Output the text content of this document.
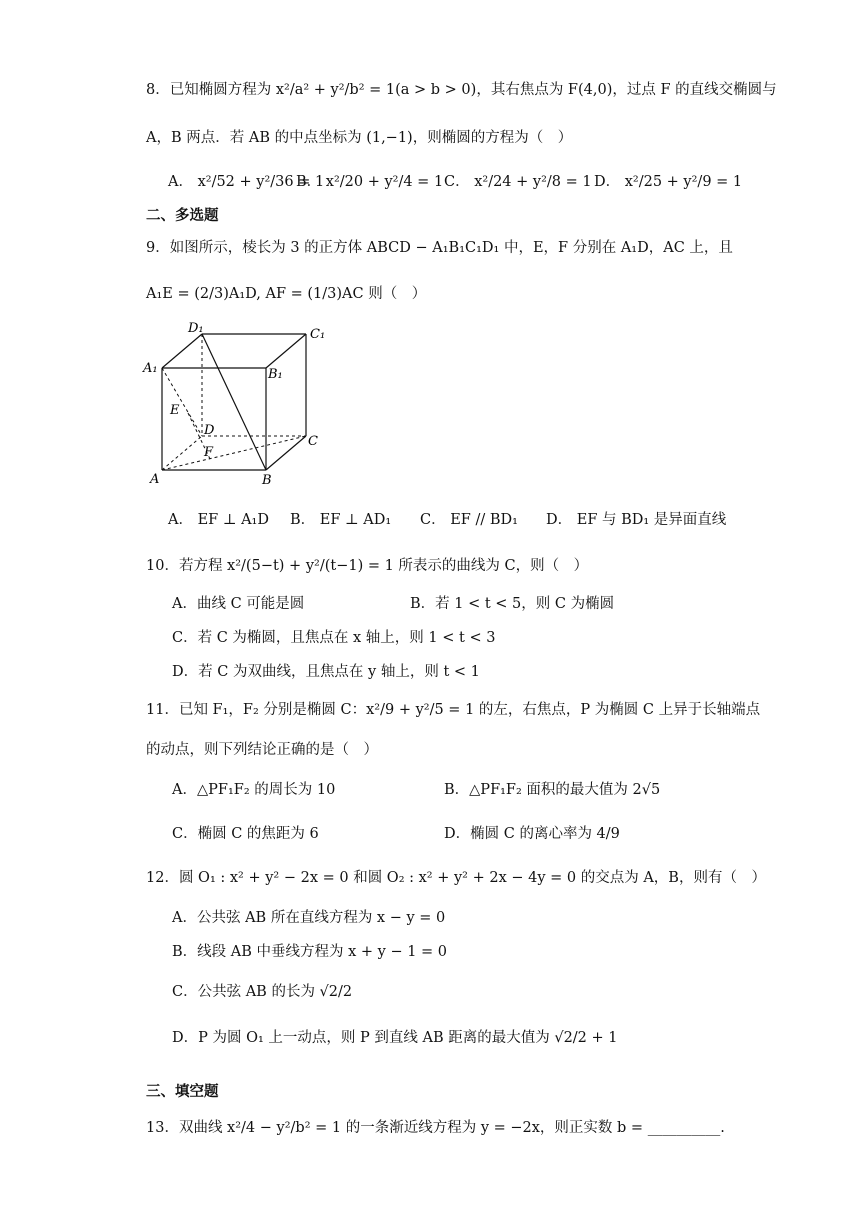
8．已知椭圆方程为 x²/a² + y²/b² = 1(a > b > 0)，其右焦点为 F(4,0)，过点 F 的直线交椭圆与
A，B 两点．若 AB 的中点坐标为 (1,−1)，则椭圆的方程为（　）
A． x²/52 + y²/36 = 1
B． x²/20 + y²/4 = 1 C． x²/24 + y²/8 = 1 D． x²/25 + y²/9 = 1
二、多选题
9．如图所示，棱长为 3 的正方体 ABCD − A₁B₁C₁D₁ 中，E，F 分别在 A₁D，AC 上，且
A₁E = (2/3)A₁D, AF = (1/3)AC 则（　）
D₁	C₁
A₁	B₁
E
D
C
F
A	B
A． EF ⊥ A₁D B． EF ⊥ AD₁ C． EF // BD₁ D． EF 与 BD₁ 是异面直线
10．若方程 x²/(5−t) + y²/(t−1) = 1 所表示的曲线为 C，则（　）
A．曲线 C 可能是圆	B．若 1 < t < 5，则 C 为椭圆
C．若 C 为椭圆，且焦点在 x 轴上，则 1 < t < 3
D．若 C 为双曲线，且焦点在 y 轴上，则 t < 1
11．已知 F₁，F₂ 分别是椭圆 C：x²/9 + y²/5 = 1 的左，右焦点，P 为椭圆 C 上异于长轴端点
的动点，则下列结论正确的是（　）
A．△PF₁F₂ 的周长为 10	B．△PF₁F₂ 面积的最大值为 2√5
C．椭圆 C 的焦距为 6	D．椭圆 C 的离心率为 4/9
12．圆 O₁ : x² + y² − 2x = 0 和圆 O₂ : x² + y² + 2x − 4y = 0 的交点为 A，B，则有（　）
A．公共弦 AB 所在直线方程为 x − y = 0
B．线段 AB 中垂线方程为 x + y − 1 = 0
C．公共弦 AB 的长为 √2/2
D．P 为圆 O₁ 上一动点，则 P 到直线 AB 距离的最大值为 √2/2 + 1
三、填空题
13．双曲线 x²/4 − y²/b² = 1 的一条渐近线方程为 y = −2x，则正实数 b = __________.
